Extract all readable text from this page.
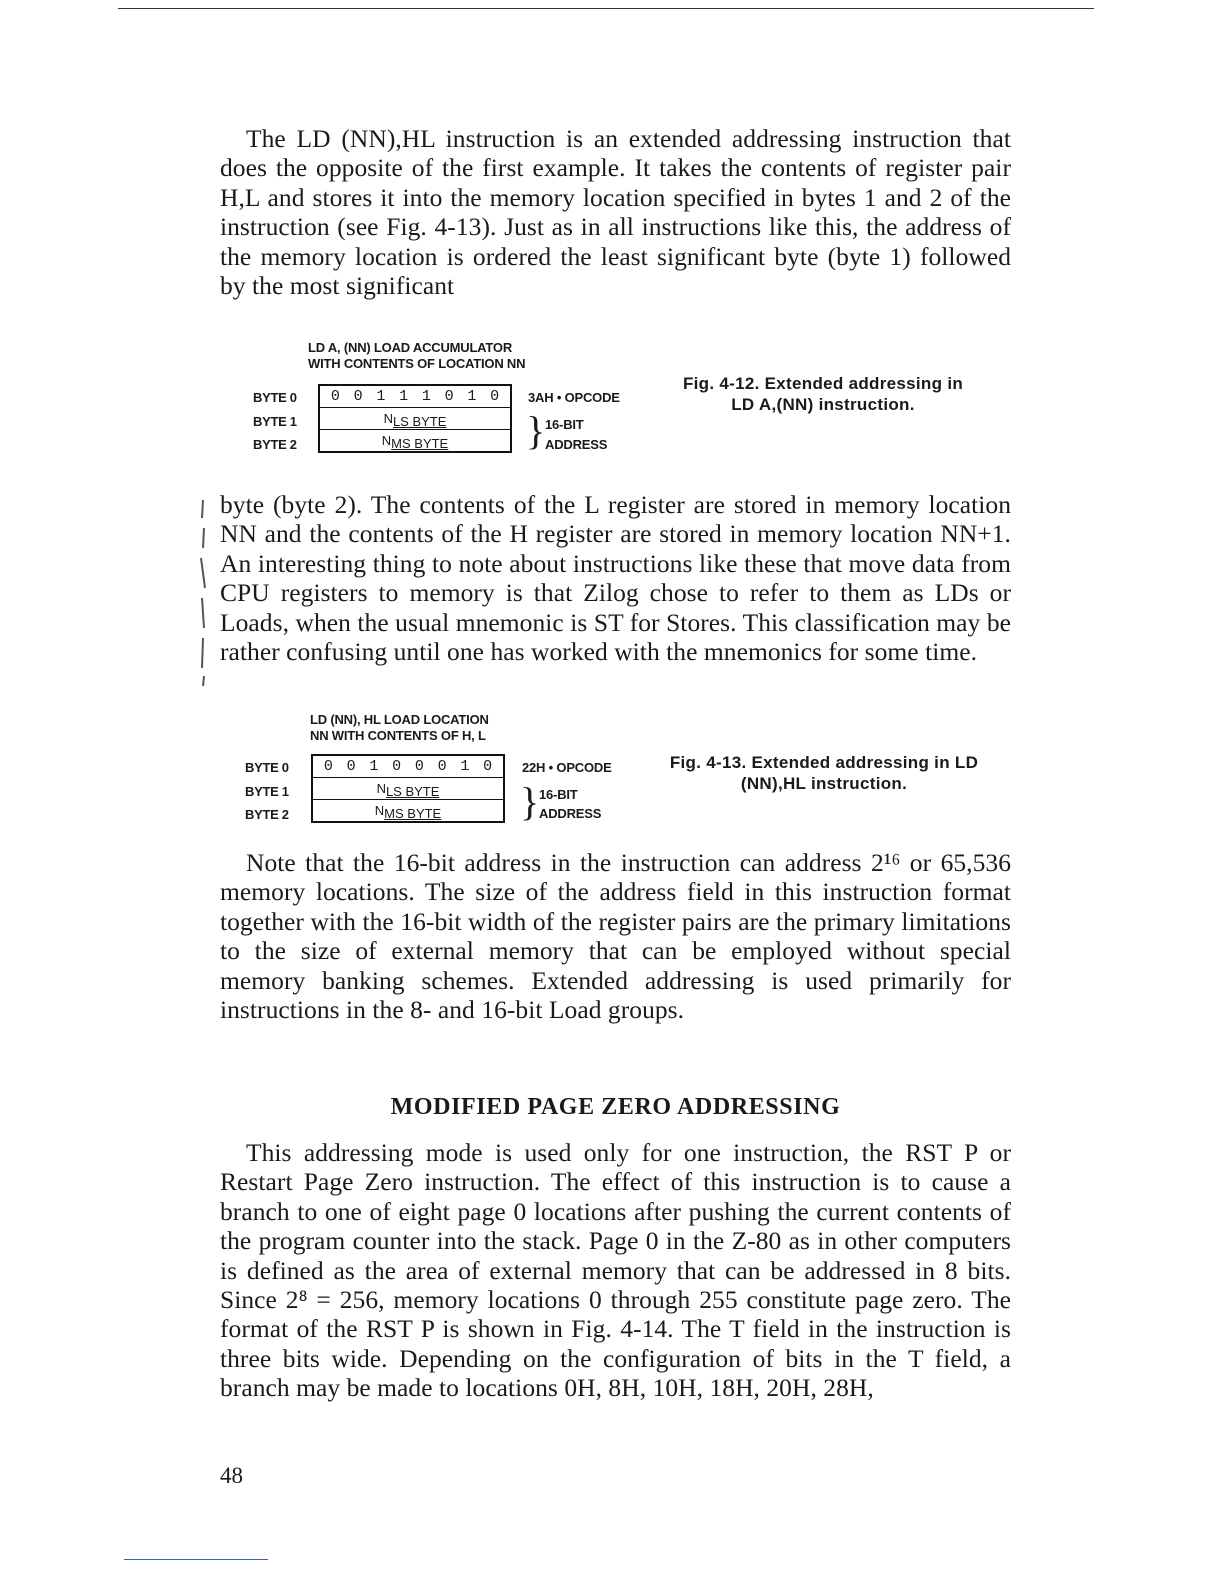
The LD (NN),HL instruction is an extended addressing instruction that does the opposite of the first example. It takes the contents of register pair H,L and stores it into the memory location specified in bytes 1 and 2 of the instruction (see Fig. 4-13). Just as in all instructions like this, the address of the memory location is ordered the least significant byte (byte 1) followed by the most significant

LD A, (NN) LOAD ACCUMULATOR
WITH CONTENTS OF LOCATION NN
BYTE 0
BYTE 1
BYTE 2
0 0 1 1 1 0 1 0
NLS BYTE
NMS BYTE
3AH • OPCODE
} 16-BIT
ADDRESS
Fig. 4-12. Extended addressing in
LD A,(NN) instruction.

byte (byte 2). The contents of the L register are stored in memory location NN and the contents of the H register are stored in memory location NN+1. An interesting thing to note about instructions like these that move data from CPU registers to memory is that Zilog chose to refer to them as LDs or Loads, when the usual mnemonic is ST for Stores. This classification may be rather confusing until one has worked with the mnemonics for some time.

LD (NN), HL LOAD LOCATION
NN WITH CONTENTS OF H, L
BYTE 0
BYTE 1
BYTE 2
0 0 1 0 0 0 1 0
NLS BYTE
NMS BYTE
22H • OPCODE
} 16-BIT
ADDRESS
Fig. 4-13. Extended addressing in LD
(NN),HL instruction.

Note that the 16-bit address in the instruction can address 2¹⁶ or 65,536 memory locations. The size of the address field in this instruction format together with the 16-bit width of the register pairs are the primary limitations to the size of external memory that can be employed without special memory banking schemes. Extended addressing is used primarily for instructions in the 8- and 16-bit Load groups.

MODIFIED PAGE ZERO ADDRESSING

This addressing mode is used only for one instruction, the RST P or Restart Page Zero instruction. The effect of this instruction is to cause a branch to one of eight page 0 locations after pushing the current contents of the program counter into the stack. Page 0 in the Z-80 as in other computers is defined as the area of external memory that can be addressed in 8 bits. Since 2⁸ = 256, memory locations 0 through 255 constitute page zero. The format of the RST P is shown in Fig. 4-14. The T field in the instruction is three bits wide. Depending on the configuration of bits in the T field, a branch may be made to locations 0H, 8H, 10H, 18H, 20H, 28H,

48
